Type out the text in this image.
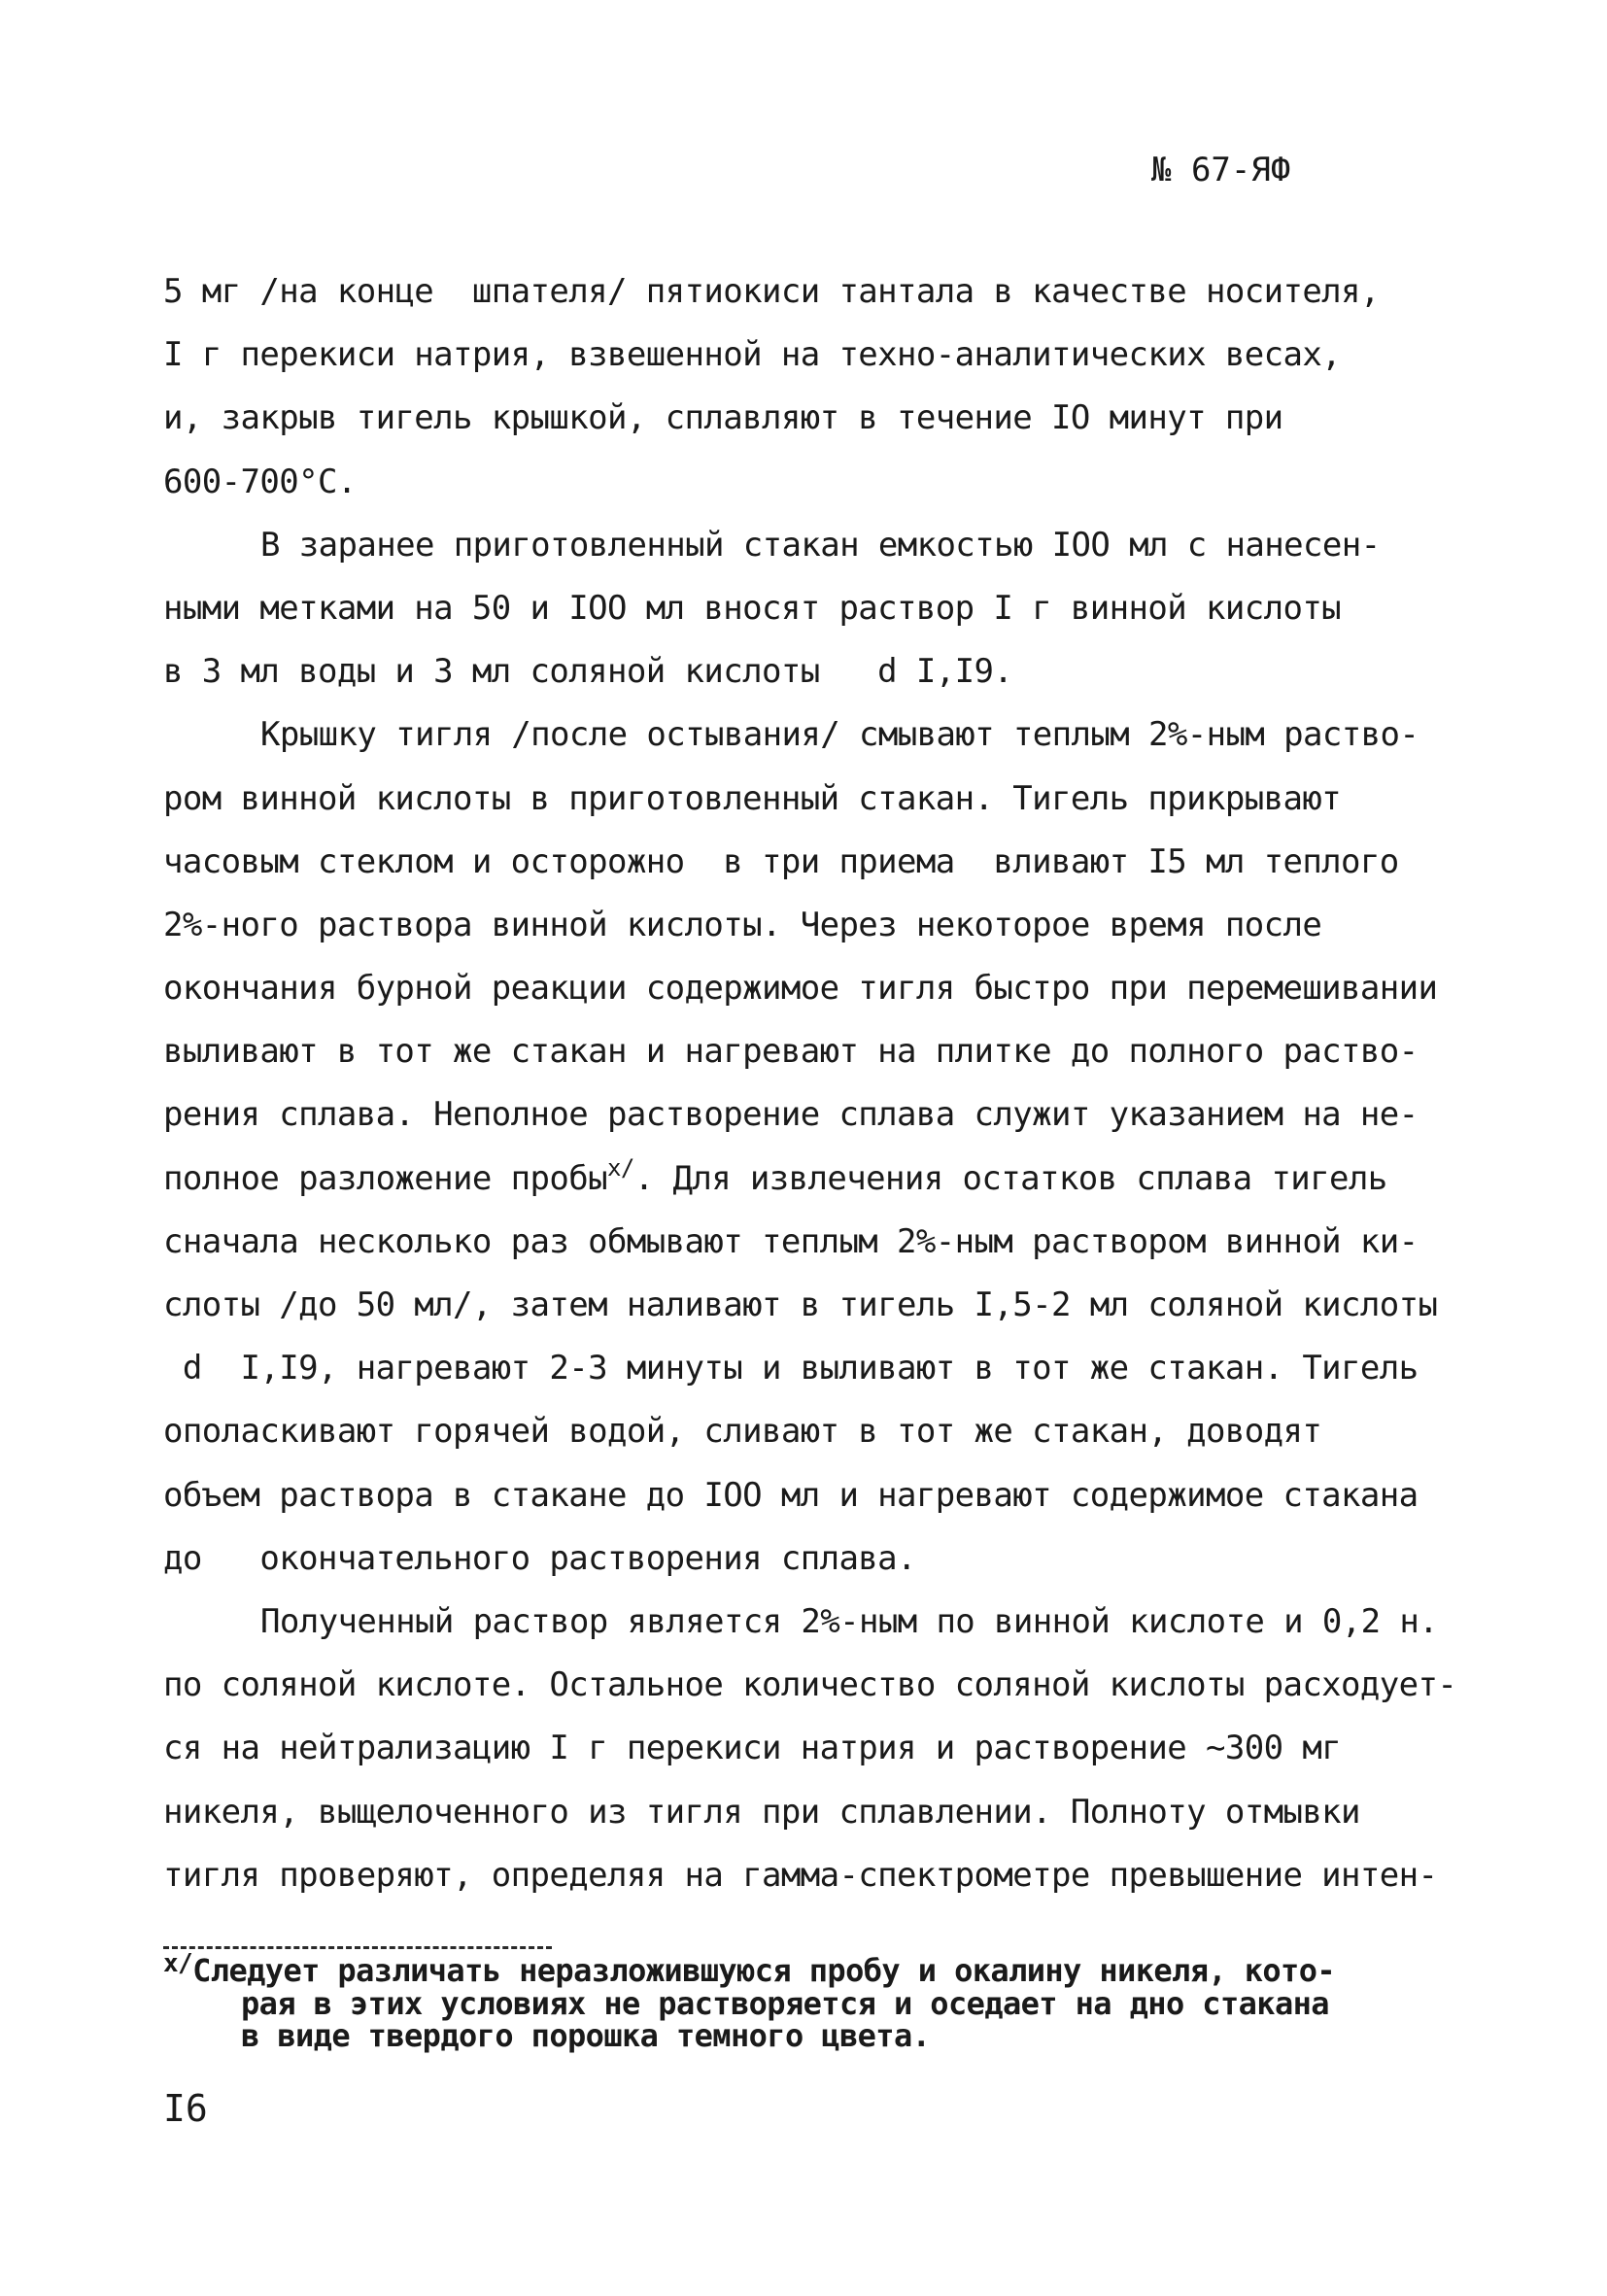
№ 67-ЯФ
5 мг /на конце  шпателя/ пятиокиси тантала в качестве носителя,
I г перекиси натрия, взвешенной на техно-аналитических весах,
и, закрыв тигель крышкой, сплавляют в течение IO минут при
600-700°С.
В заранее приготовленный стакан емкостью IOO мл с нанесен-
ными метками на 50 и IOO мл вносят раствор I г винной кислоты
в 3 мл воды и 3 мл соляной кислоты   d I,I9.
Крышку тигля /после остывания/ смывают теплым 2%-ным раство-
ром винной кислоты в приготовленный стакан. Тигель прикрывают
часовым стеклом и осторожно  в три приема  вливают I5 мл теплого
2%-ного раствора винной кислоты. Через некоторое время после
окончания бурной реакции содержимое тигля быстро при перемешивании
выливают в тот же стакан и нагревают на плитке до полного раство-
рения сплава. Неполное растворение сплава служит указанием на не-
полное разложение пробы$^{х/}$. Для извлечения остатков сплава тигель
сначала несколько раз обмывают теплым 2%-ным раствором винной ки-
слоты /до 50 мл/, затем наливают в тигель I,5-2 мл соляной кислоты
d  I,I9, нагревают 2-3 минуты и выливают в тот же стакан. Тигель
ополаскивают горячей водой, сливают в тот же стакан, доводят
объем раствора в стакане до IOO мл и нагревают содержимое стакана
до   окончательного растворения сплава.
Полученный раствор является 2%-ным по винной кислоте и 0,2 н.
по соляной кислоте. Остальное количество соляной кислоты расходует-
ся на нейтрализацию I г перекиси натрия и растворение ∼300 мг
никеля, выщелоченного из тигля при сплавлении. Полноту отмывки
тигля проверяют, определяя на гамма-спектрометре превышение интен-
$^{х/}$Следует различать неразложившуюся пробу и окалину никеля, кото-
рая в этих условиях не растворяется и оседает на дно стакана
в виде твердого порошка темного цвета.
I6
